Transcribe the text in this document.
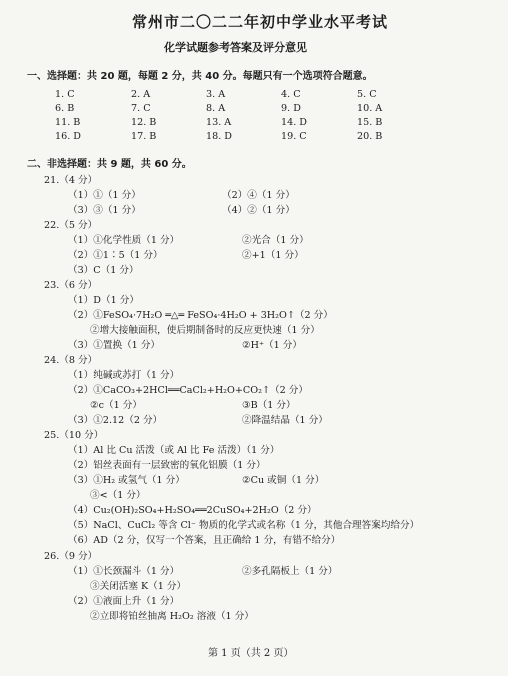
常州市二〇二二年初中学业水平考试
化学试题参考答案及评分意见
一、选择题：共 20 题，每题 2 分，共 40 分。每题只有一个选项符合题意。
1. C	2. A	3. A	4. C	5. C
6. B	7. C	8. A	9. D	10. A
11. B	12. B	13. A	14. D	15. B
16. D	17. B	18. D	19. C	20. B
二、非选择题：共 9 题，共 60 分。
21.（4 分）
（1）①（1 分）	（2）④（1 分）
（3）③（1 分）	（4）②（1 分）
22.（5 分）
（1）①化学性质（1 分）	②光合（1 分）
（2）①1∶5（1 分）	②+1（1 分）
（3）C（1 分）
23.（6 分）
（1）D（1 分）
（2）①FeSO₄·7H₂O ═△═ FeSO₄·4H₂O + 3H₂O↑（2 分）
②增大接触面积，使后期制备时的反应更快速（1 分）
（3）①置换（1 分）	②H⁺（1 分）
24.（8 分）
（1）纯碱或苏打（1 分）
（2）①CaCO₃+2HCl══CaCl₂+H₂O+CO₂↑（2 分）
②c（1 分）	③B（1 分）
（3）①2.12（2 分）	②降温结晶（1 分）
25.（10 分）
（1）Al 比 Cu 活泼（或 Al 比 Fe 活泼）（1 分）
（2）铝丝表面有一层致密的氧化铝膜（1 分）
（3）①H₂ 或氢气（1 分）	②Cu 或铜（1 分）
③<（1 分）
（4）Cu₂(OH)₂SO₄+H₂SO₄══2CuSO₄+2H₂O（2 分）
（5）NaCl、CuCl₂ 等含 Cl⁻ 物质的化学式或名称（1 分，其他合理答案均给分）
（6）AD（2 分，仅写一个答案，且正确给 1 分，有错不给分）
26.（9 分）
（1）①长颈漏斗（1 分）	②多孔隔板上（1 分）
③关闭活塞 K（1 分）
（2）①液面上升（1 分）
②立即将铂丝抽离 H₂O₂ 溶液（1 分）
第 1 页（共 2 页）
